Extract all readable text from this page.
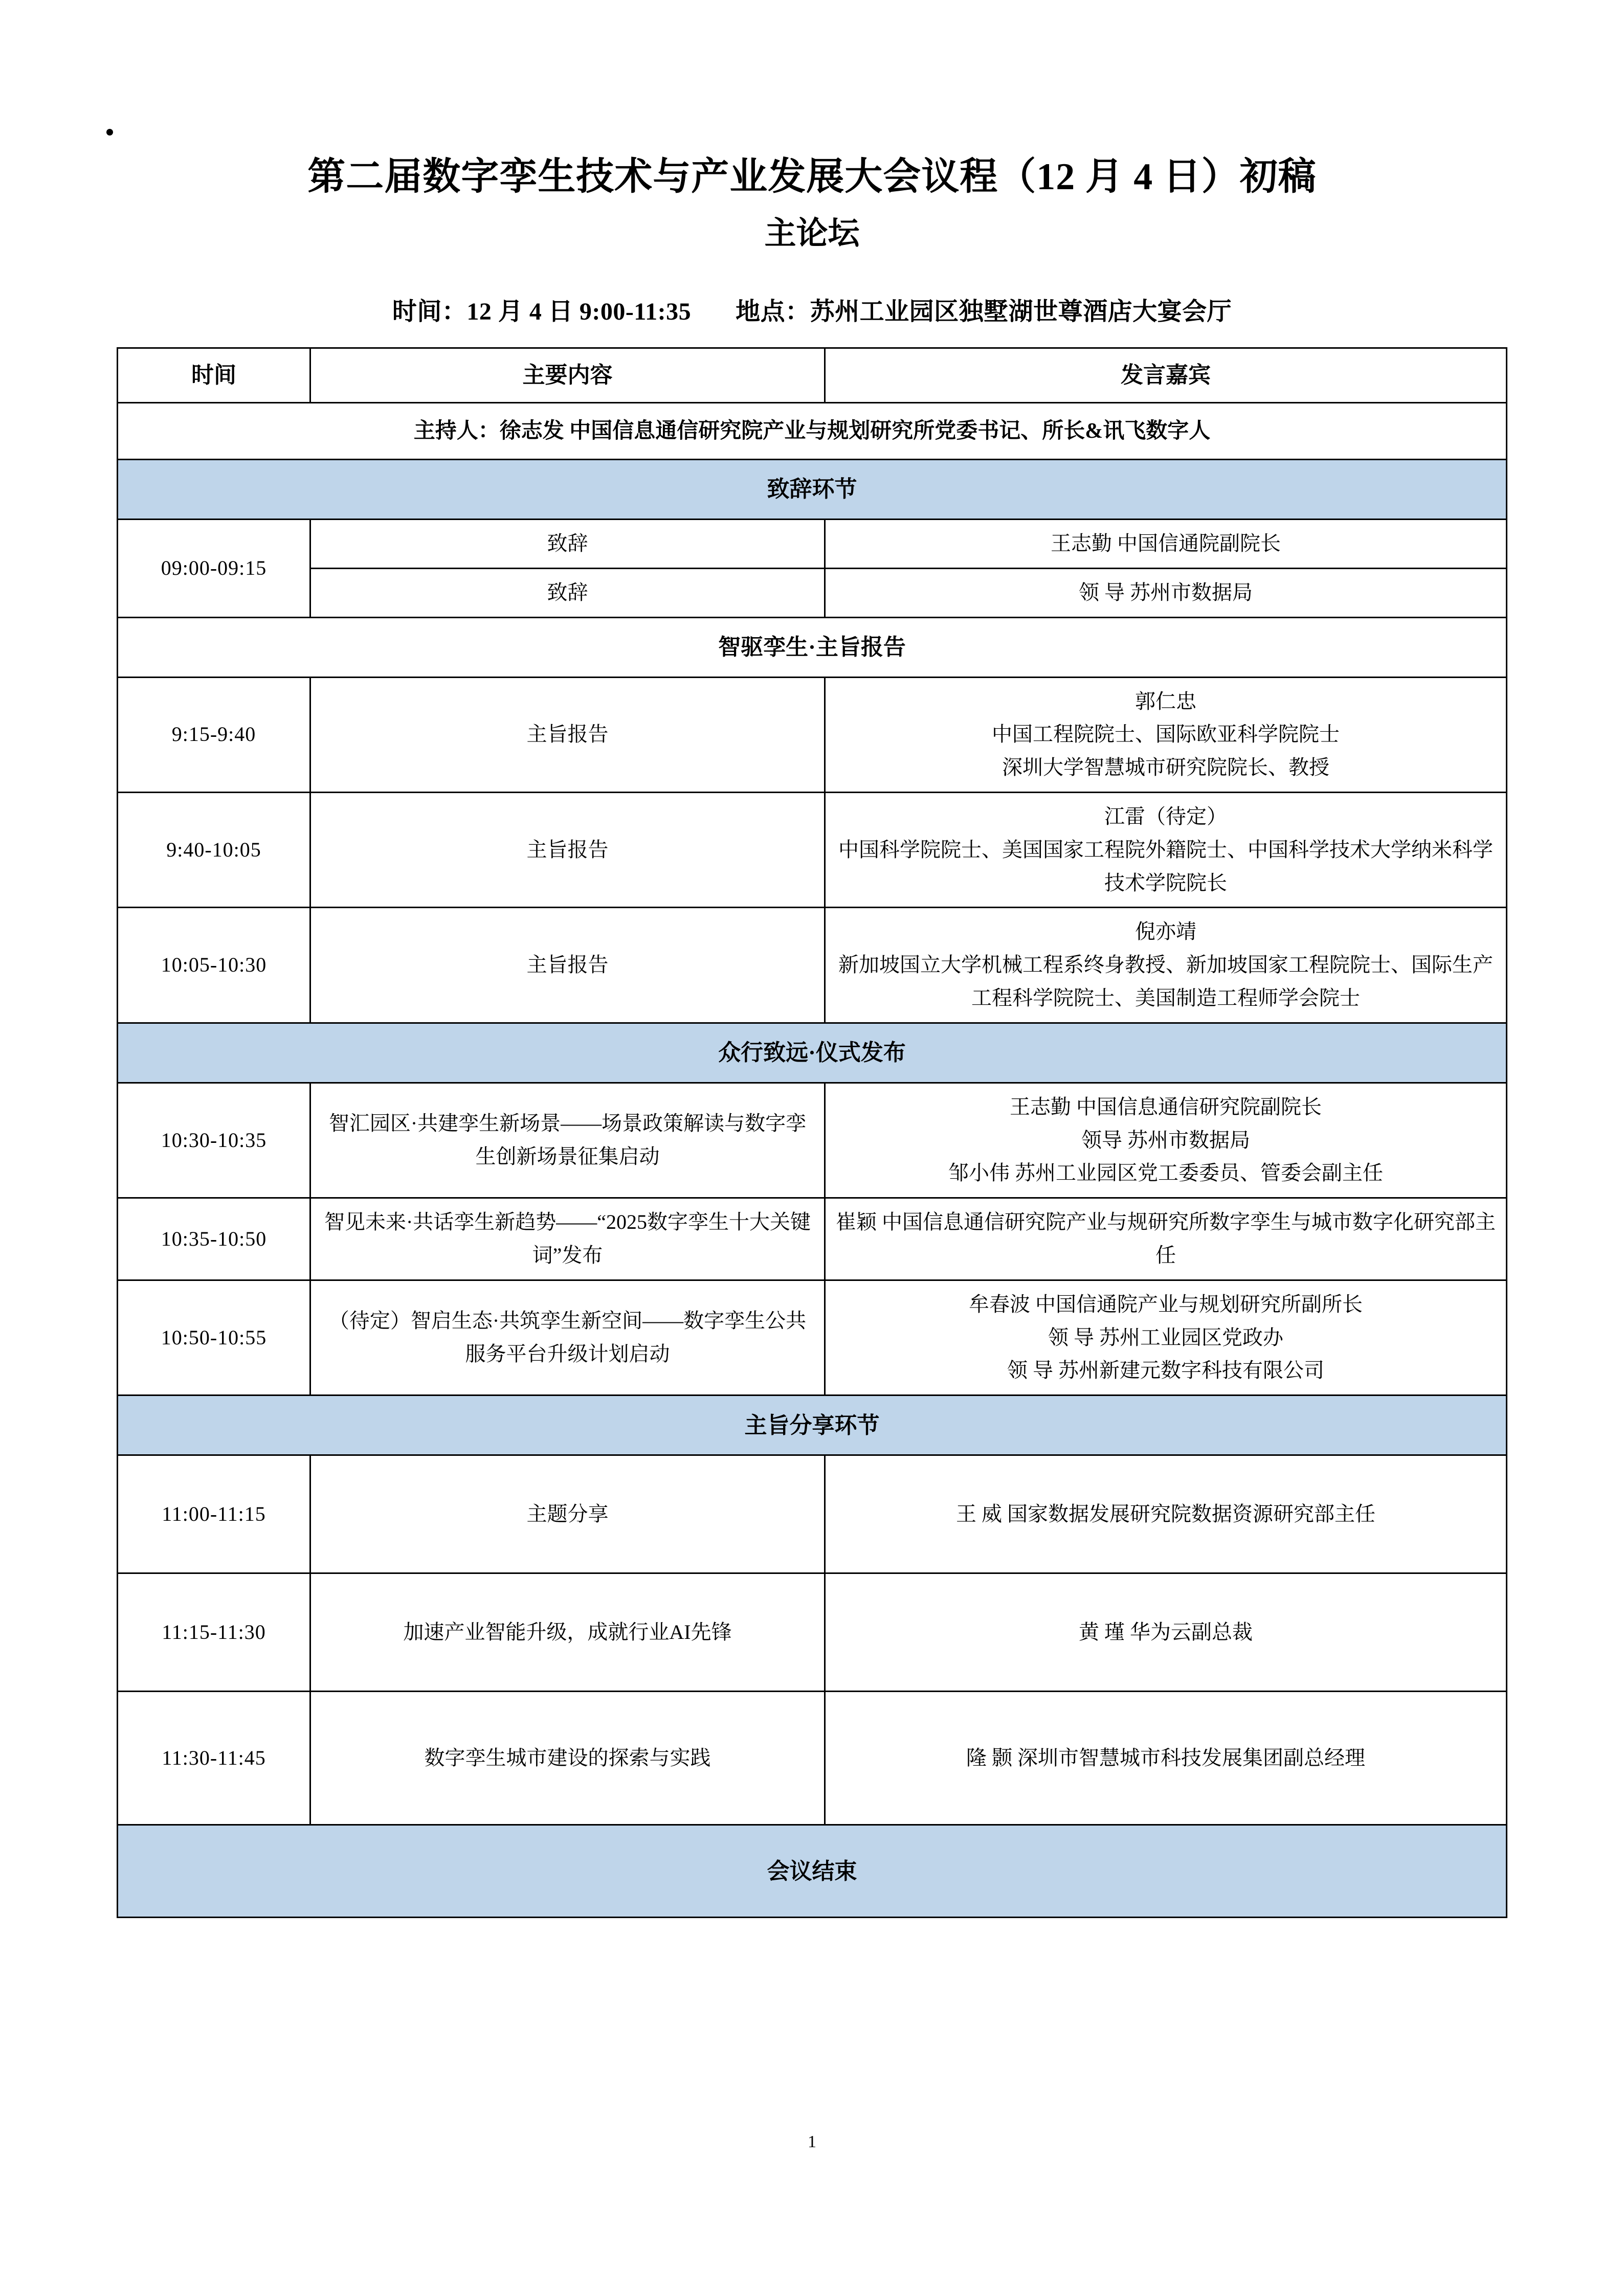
第二届数字孪生技术与产业发展大会议程（12 月 4 日）初稿
主论坛

时间：12 月 4 日 9:00-11:35 地点：苏州工业园区独墅湖世尊酒店大宴会厅

时间	主要内容	发言嘉宾
主持人：徐志发 中国信息通信研究院产业与规划研究所党委书记、所长&讯飞数字人		
致辞环节		
09:00-09:15	致辞	王志勤 中国信通院副院长
	致辞	领 导 苏州市数据局
智驱孪生·主旨报告		
9:15-9:40	主旨报告	郭仁忠
中国工程院院士、国际欧亚科学院院士
深圳大学智慧城市研究院院长、教授

9:40-10:05	主旨报告	江雷（待定）
中国科学院院士、美国国家工程院外籍院士、中国科学技术大学纳米科学技术学院院长
10:05-10:30	主旨报告	倪亦靖
新加坡国立大学机械工程系终身教授、新加坡国家工程院院士、国际生产工程科学院院士、美国制造工程师学会院士
众行致远·仪式发布		
10:30-10:35	智汇园区·共建孪生新场景——场景政策解读与数字孪生创新场景征集启动	王志勤 中国信息通信研究院副院长
领导 苏州市数据局
邹小伟 苏州工业园区党工委委员、管委会副主任

10:35-10:50	智见未来·共话孪生新趋势——“2025数字孪生十大关键词”发布	崔颖 中国信息通信研究院产业与规研究所数字孪生与城市数字化研究部主任
10:50-10:55	（待定）智启生态·共筑孪生新空间——数字孪生公共服务平台升级计划启动	牟春波 中国信通院产业与规划研究所副所长
领 导 苏州工业园区党政办
领 导 苏州新建元数字科技有限公司

主旨分享环节		
11:00-11:15	主题分享	王 威 国家数据发展研究院数据资源研究部主任
11:15-11:30	加速产业智能升级，成就行业AI先锋	黄 瑾 华为云副总裁
11:30-11:45	数字孪生城市建设的探索与实践	隆 颢 深圳市智慧城市科技发展集团副总经理
会议结束		
1
